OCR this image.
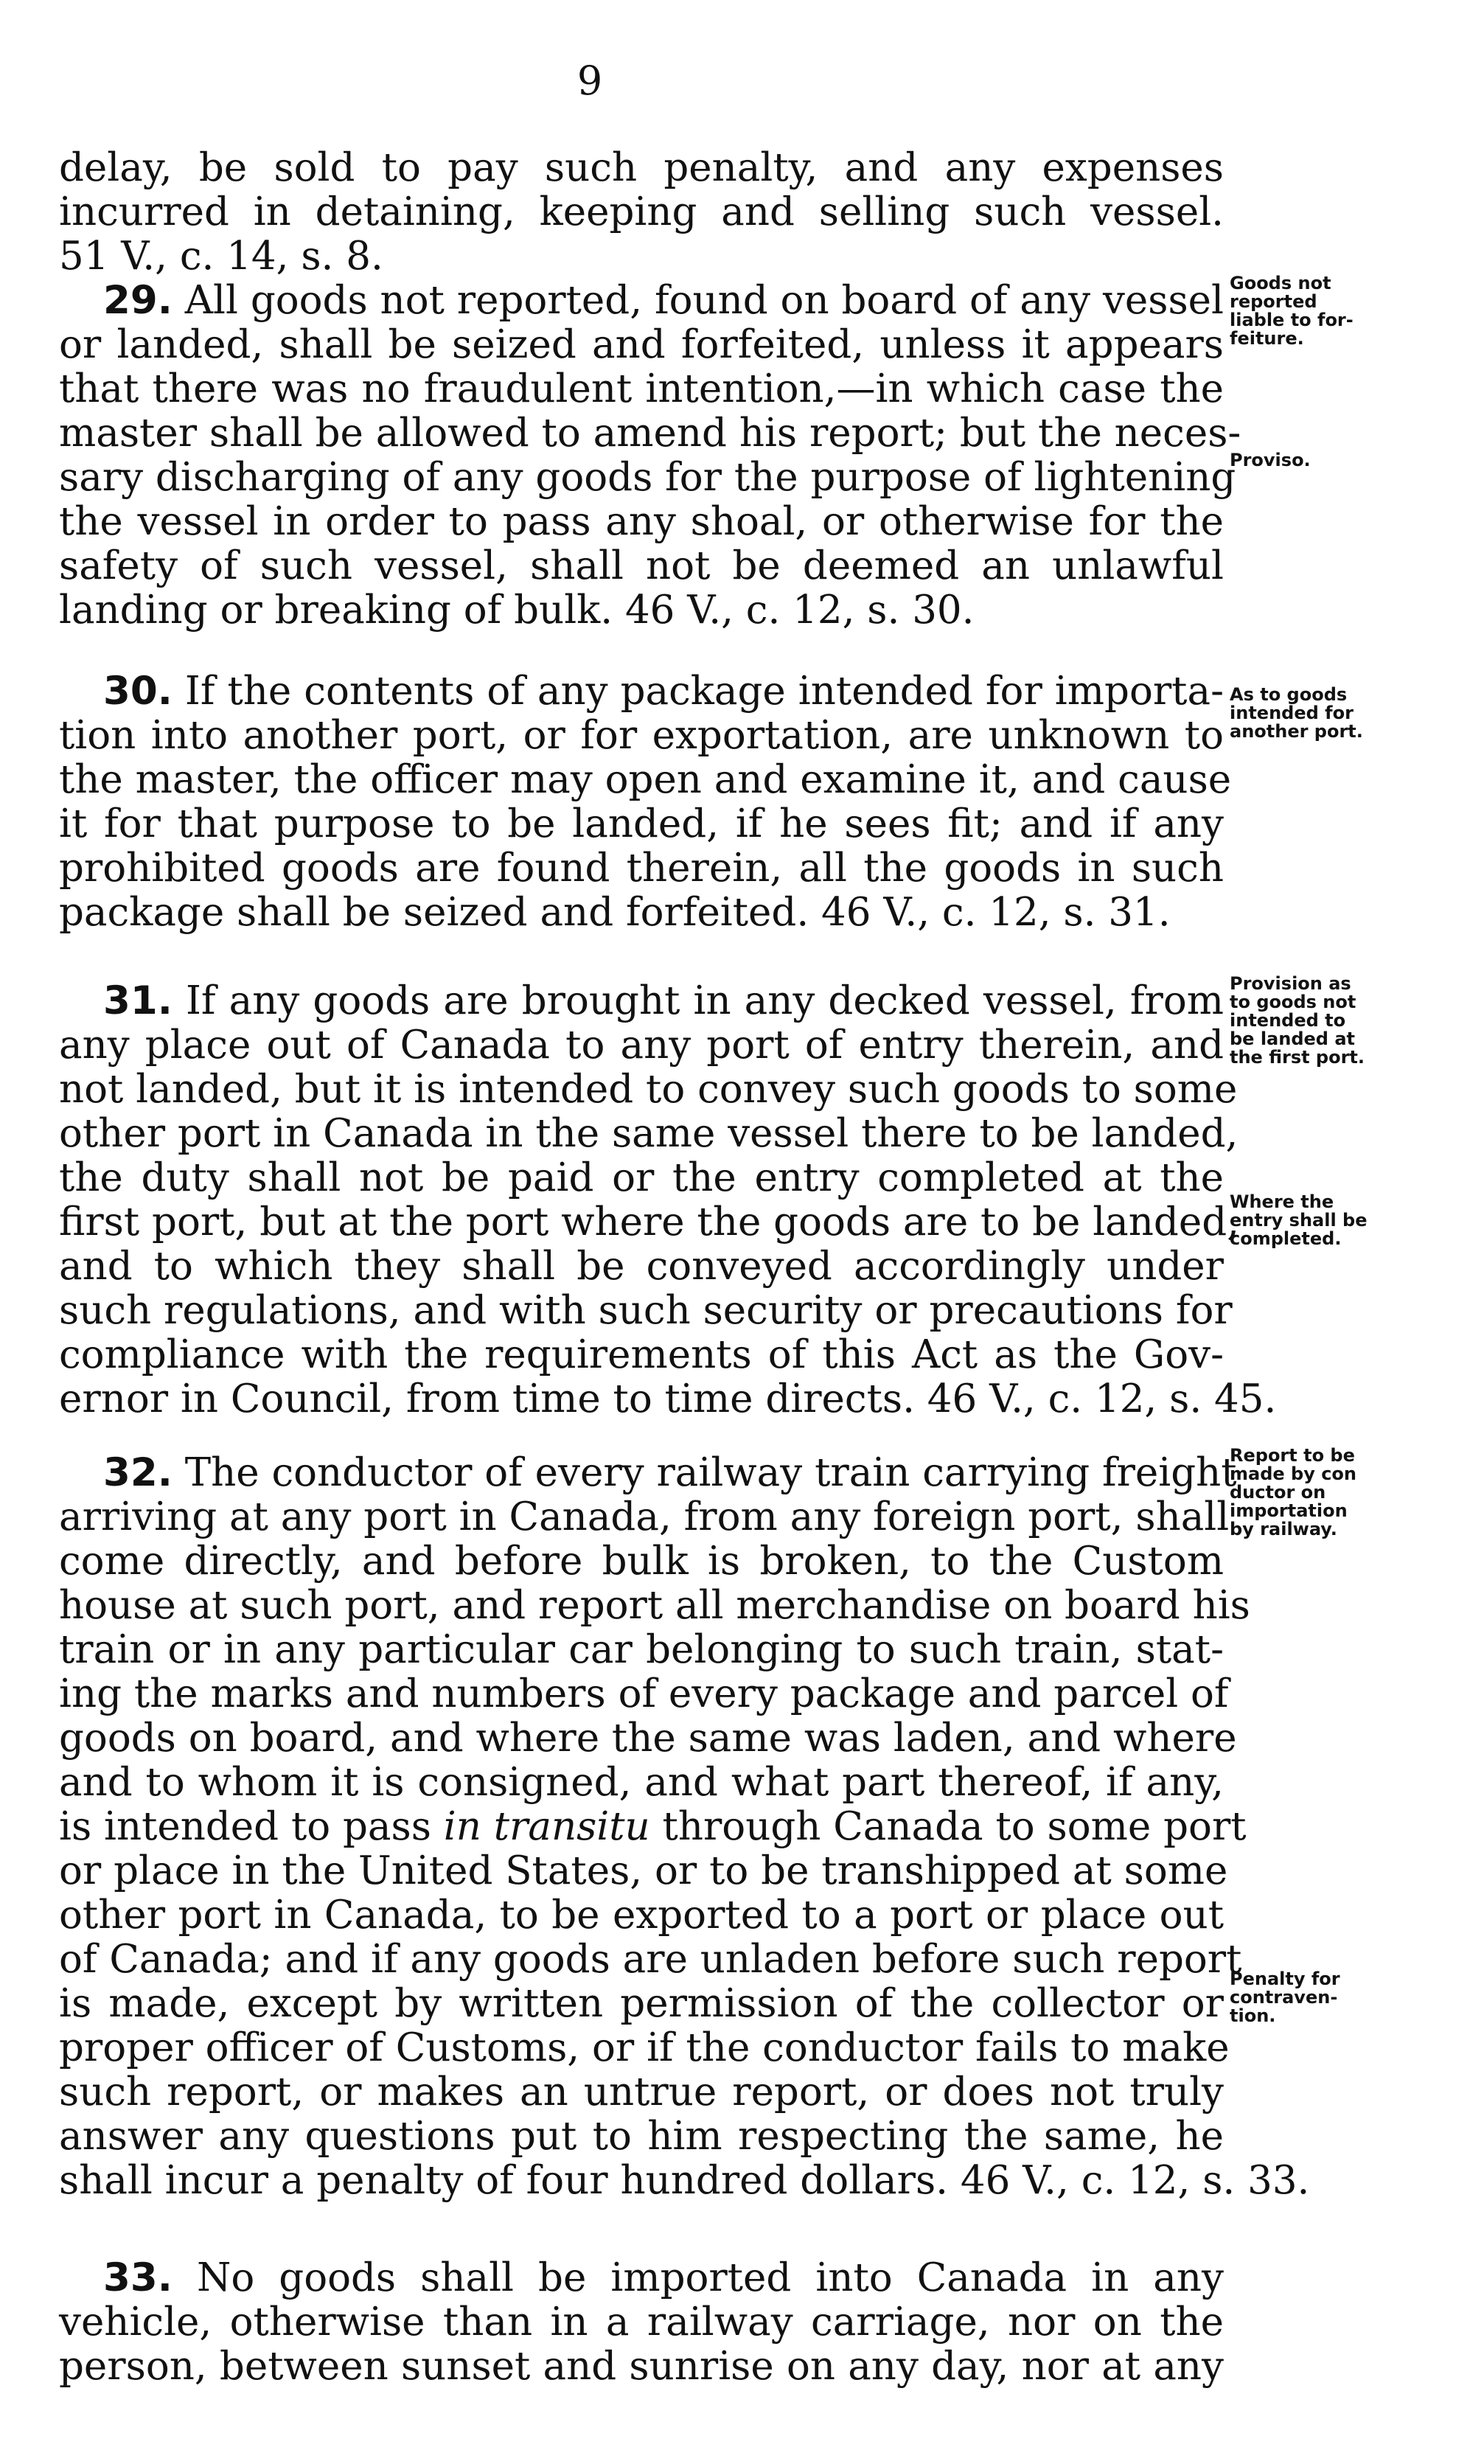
9
delay, be sold to pay such penalty, and any expenses
incurred in detaining, keeping and selling such vessel.
51 V., c. 14, s. 8.
29. All goods not reported, found on board of any vessel
or landed, shall be seized and forfeited, unless it appears
that there was no fraudulent intention,—in which case the
master shall be allowed to amend his report; but the neces-
sary discharging of any goods for the purpose of lightening
the vessel in order to pass any shoal, or otherwise for the
safety of such vessel, shall not be deemed an unlawful
landing or breaking of bulk. 46 V., c. 12, s. 30.
Goods not
reported
liable to for-
feiture.
Proviso.
30. If the contents of any package intended for importa-
tion into another port, or for exportation, are unknown to
the master, the officer may open and examine it, and cause
it for that purpose to be landed, if he sees fit; and if any
prohibited goods are found therein, all the goods in such
package shall be seized and forfeited. 46 V., c. 12, s. 31.
As to goods
intended for
another port.
31. If any goods are brought in any decked vessel, from
any place out of Canada to any port of entry therein, and
not landed, but it is intended to convey such goods to some
other port in Canada in the same vessel there to be landed,
the duty shall not be paid or the entry completed at the
first port, but at the port where the goods are to be landed,
and to which they shall be conveyed accordingly under
such regulations, and with such security or precautions for
compliance with the requirements of this Act as the Gov-
ernor in Council, from time to time directs. 46 V., c. 12, s. 45.
Provision as
to goods not
intended to
be landed at
the first port.
Where the
entry shall be
completed.
32. The conductor of every railway train carrying freight
arriving at any port in Canada, from any foreign port, shall
come directly, and before bulk is broken, to the Custom
house at such port, and report all merchandise on board his
train or in any particular car belonging to such train, stat-
ing the marks and numbers of every package and parcel of
goods on board, and where the same was laden, and where
and to whom it is consigned, and what part thereof, if any,
is intended to pass in transitu through Canada to some port
or place in the United States, or to be transhipped at some
other port in Canada, to be exported to a port or place out
of Canada; and if any goods are unladen before such report
is made, except by written permission of the collector or
proper officer of Customs, or if the conductor fails to make
such report, or makes an untrue report, or does not truly
answer any questions put to him respecting the same, he
shall incur a penalty of four hundred dollars. 46 V., c. 12, s. 33.
Report to be
made by con
ductor on
importation
by railway.
Penalty for
contraven-
tion.
33. No goods shall be imported into Canada in any
vehicle, otherwise than in a railway carriage, nor on the
person, between sunset and sunrise on any day, nor at any
